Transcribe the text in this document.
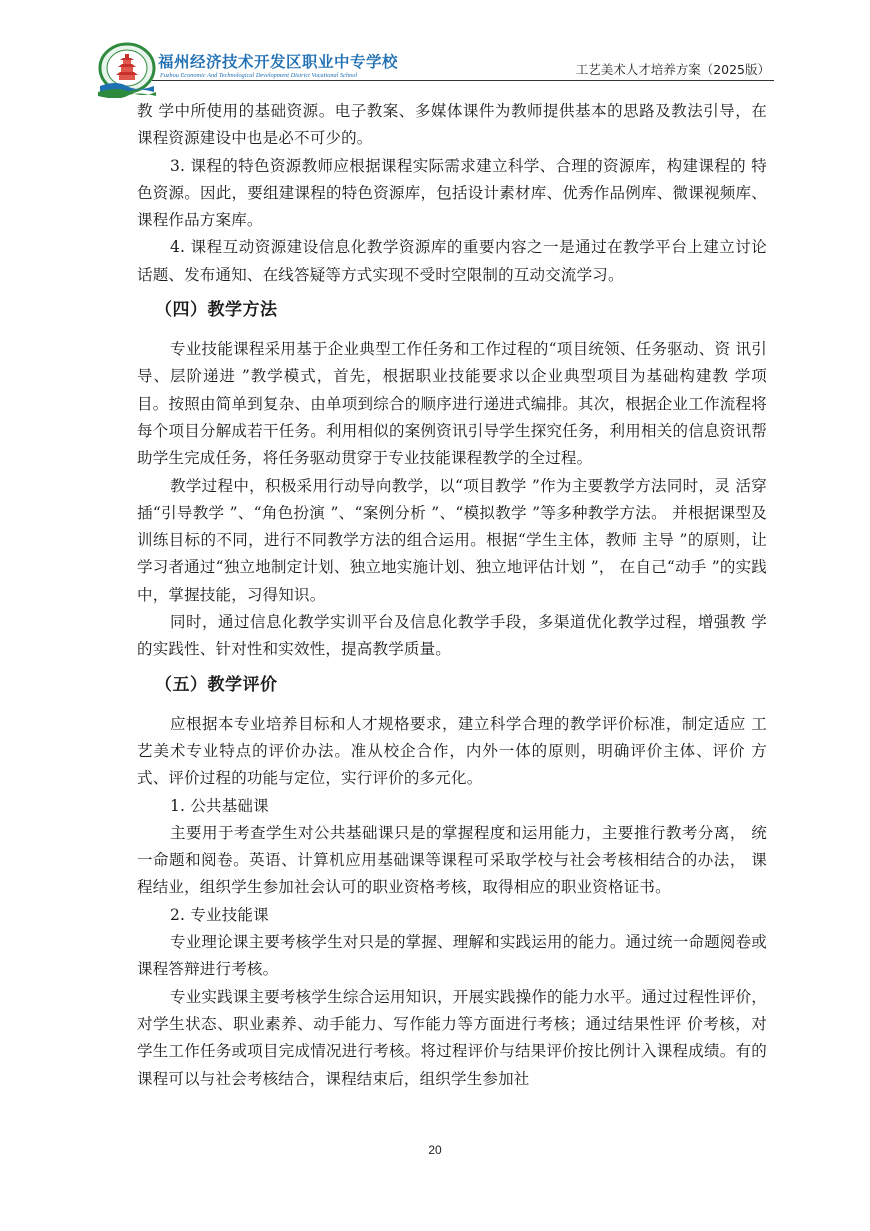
福州经济技术开发区职业中专学校
Fuzhou Economic And Technological Development District Vocational School	工艺美术人才培养方案（2025版）

教 学中所使用的基础资源。电子教案、多媒体课件为教师提供基本的思路及教法引导，在 课程资源建设中也是必不可少的。

3. 课程的特色资源教师应根据课程实际需求建立科学、合理的资源库，构建课程的 特色资源。因此，要组建课程的特色资源库，包括设计素材库、优秀作品例库、微课视频库、课程作品方案库。

4. 课程互动资源建设信息化教学资源库的重要内容之一是通过在教学平台上建立讨论话题、发布通知、在线答疑等方式实现不受时空限制的互动交流学习。

（四）教学方法

专业技能课程采用基于企业典型工作任务和工作过程的“项目统领、任务驱动、资 讯引导、层阶递进 ”教学模式，首先，根据职业技能要求以企业典型项目为基础构建教 学项目。按照由简单到复杂、由单项到综合的顺序进行递进式编排。其次，根据企业工作流程将每个项目分解成若干任务。利用相似的案例资讯引导学生探究任务，利用相关的信息资讯帮助学生完成任务，将任务驱动贯穿于专业技能课程教学的全过程。

教学过程中，积极采用行动导向教学，以“项目教学 ”作为主要教学方法同时，灵 活穿插“引导教学 ”、“角色扮演 ”、“案例分析 ”、“模拟教学 ”等多种教学方法。 并根据课型及训练目标的不同，进行不同教学方法的组合运用。根据“学生主体，教师 主导 ”的原则，让学习者通过“独立地制定计划、独立地实施计划、独立地评估计划 ”， 在自己“动手 ”的实践中，掌握技能，习得知识。

同时，通过信息化教学实训平台及信息化教学手段，多渠道优化教学过程，增强教 学的实践性、针对性和实效性，提高教学质量。

（五）教学评价

应根据本专业培养目标和人才规格要求，建立科学合理的教学评价标准，制定适应 工艺美术专业特点的评价办法。准从校企合作，内外一体的原则，明确评价主体、评价 方式、评价过程的功能与定位，实行评价的多元化。

1. 公共基础课

主要用于考查学生对公共基础课只是的掌握程度和运用能力，主要推行教考分离， 统一命题和阅卷。英语、计算机应用基础课等课程可采取学校与社会考核相结合的办法， 课程结业，组织学生参加社会认可的职业资格考核，取得相应的职业资格证书。

2. 专业技能课

专业理论课主要考核学生对只是的掌握、理解和实践运用的能力。通过统一命题阅卷或课程答辩进行考核。

专业实践课主要考核学生综合运用知识，开展实践操作的能力水平。通过过程性评价，对学生状态、职业素养、动手能力、写作能力等方面进行考核；通过结果性评 价考核，对学生工作任务或项目完成情况进行考核。将过程评价与结果评价按比例计入课程成绩。有的课程可以与社会考核结合，课程结束后，组织学生参加社

20
